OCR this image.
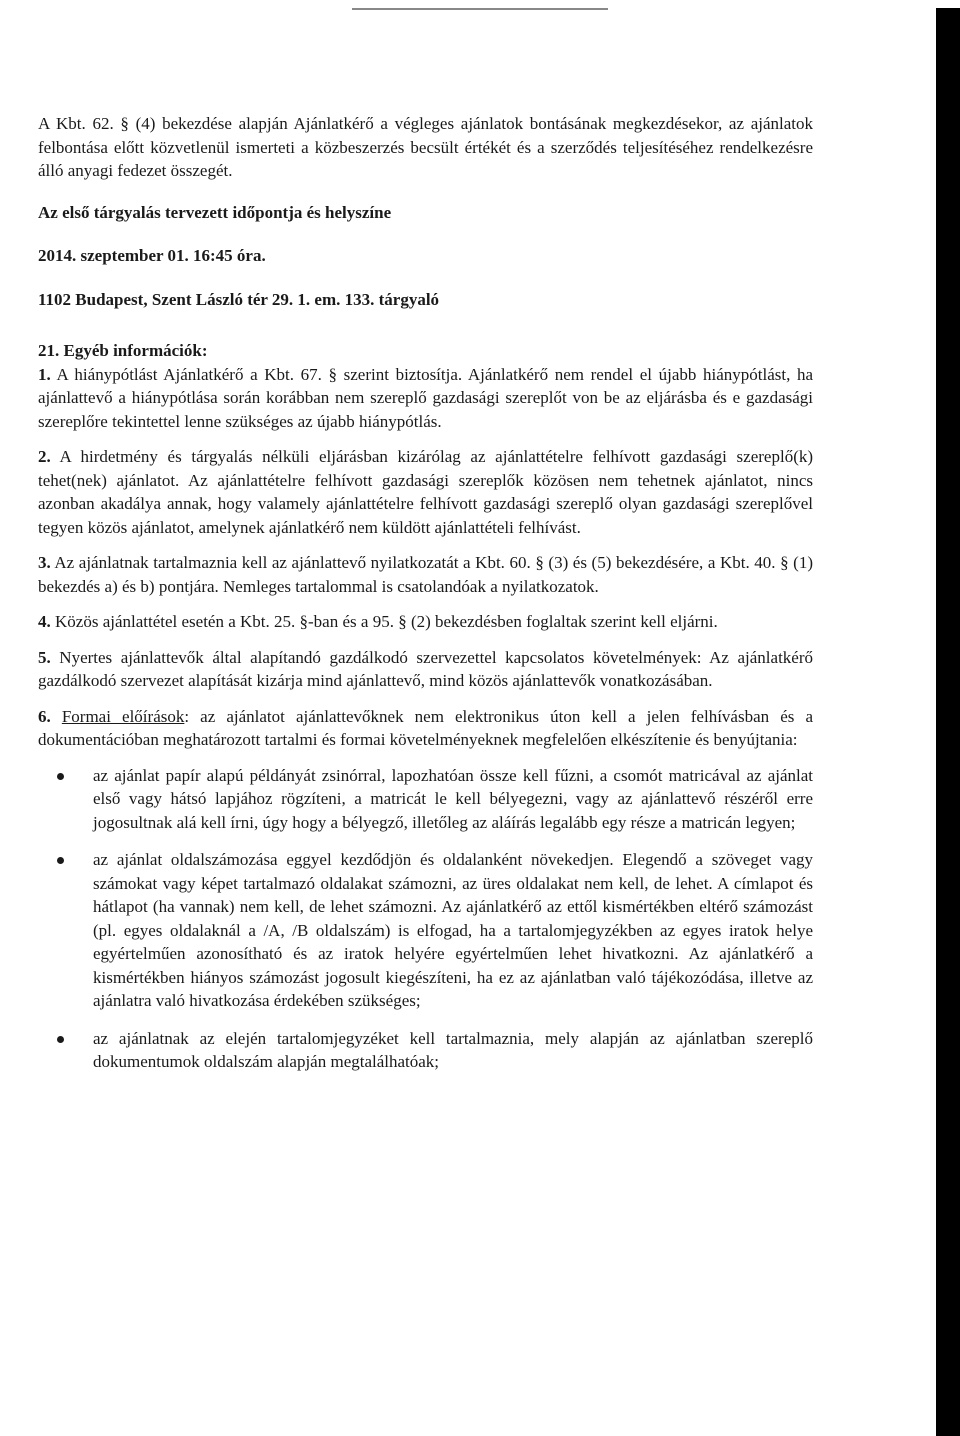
A Kbt. 62. § (4) bekezdése alapján Ajánlatkérő a végleges ajánlatok bontásának megkezdésekor, az ajánlatok felbontása előtt közvetlenül ismerteti a közbeszerzés becsült értékét és a szerződés teljesítéséhez rendelkezésre álló anyagi fedezet összegét.

Az első tárgyalás tervezett időpontja és helyszíne

2014. szeptember 01. 16:45 óra.

1102 Budapest, Szent László tér 29. 1. em. 133. tárgyaló

21. Egyéb információk:

1. A hiánypótlást Ajánlatkérő a Kbt. 67. § szerint biztosítja. Ajánlatkérő nem rendel el újabb hiánypótlást, ha ajánlattevő a hiánypótlása során korábban nem szereplő gazdasági szereplőt von be az eljárásba és e gazdasági szereplőre tekintettel lenne szükséges az újabb hiánypótlás.

2. A hirdetmény és tárgyalás nélküli eljárásban kizárólag az ajánlattételre felhívott gazdasági szereplő(k) tehet(nek) ajánlatot. Az ajánlattételre felhívott gazdasági szereplők közösen nem tehetnek ajánlatot, nincs azonban akadálya annak, hogy valamely ajánlattételre felhívott gazdasági szereplő olyan gazdasági szereplővel tegyen közös ajánlatot, amelynek ajánlatkérő nem küldött ajánlattételi felhívást.

3. Az ajánlatnak tartalmaznia kell az ajánlattevő nyilatkozatát a Kbt. 60. § (3) és (5) bekezdésére, a Kbt. 40. § (1) bekezdés a) és b) pontjára. Nemleges tartalommal is csatolandóak a nyilatkozatok.

4. Közös ajánlattétel esetén a Kbt. 25. §-ban és a 95. § (2) bekezdésben foglaltak szerint kell eljárni.

5. Nyertes ajánlattevők által alapítandó gazdálkodó szervezettel kapcsolatos követelmények: Az ajánlatkérő gazdálkodó szervezet alapítását kizárja mind ajánlattevő, mind közös ajánlattevők vonatkozásában.

6. Formai előírások: az ajánlatot ajánlattevőknek nem elektronikus úton kell a jelen felhívásban és a dokumentációban meghatározott tartalmi és formai követelményeknek megfelelően elkészítenie és benyújtania:

az ajánlat papír alapú példányát zsinórral, lapozhatóan össze kell fűzni, a csomót matricával az ajánlat első vagy hátsó lapjához rögzíteni, a matricát le kell bélyegezni, vagy az ajánlattevő részéről erre jogosultnak alá kell írni, úgy hogy a bélyegző, illetőleg az aláírás legalább egy része a matricán legyen;
az ajánlat oldalszámozása eggyel kezdődjön és oldalanként növekedjen. Elegendő a szöveget vagy számokat vagy képet tartalmazó oldalakat számozni, az üres oldalakat nem kell, de lehet. A címlapot és hátlapot (ha vannak) nem kell, de lehet számozni. Az ajánlatkérő az ettől kismértékben eltérő számozást (pl. egyes oldalaknál a /A, /B oldalszám) is elfogad, ha a tartalomjegyzékben az egyes iratok helye egyértelműen azonosítható és az iratok helyére egyértelműen lehet hivatkozni. Az ajánlatkérő a kismértékben hiányos számozást jogosult kiegészíteni, ha ez az ajánlatban való tájékozódása, illetve az ajánlatra való hivatkozása érdekében szükséges;
az ajánlatnak az elején tartalomjegyzéket kell tartalmaznia, mely alapján az ajánlatban szereplő dokumentumok oldalszám alapján megtalálhatóak;
